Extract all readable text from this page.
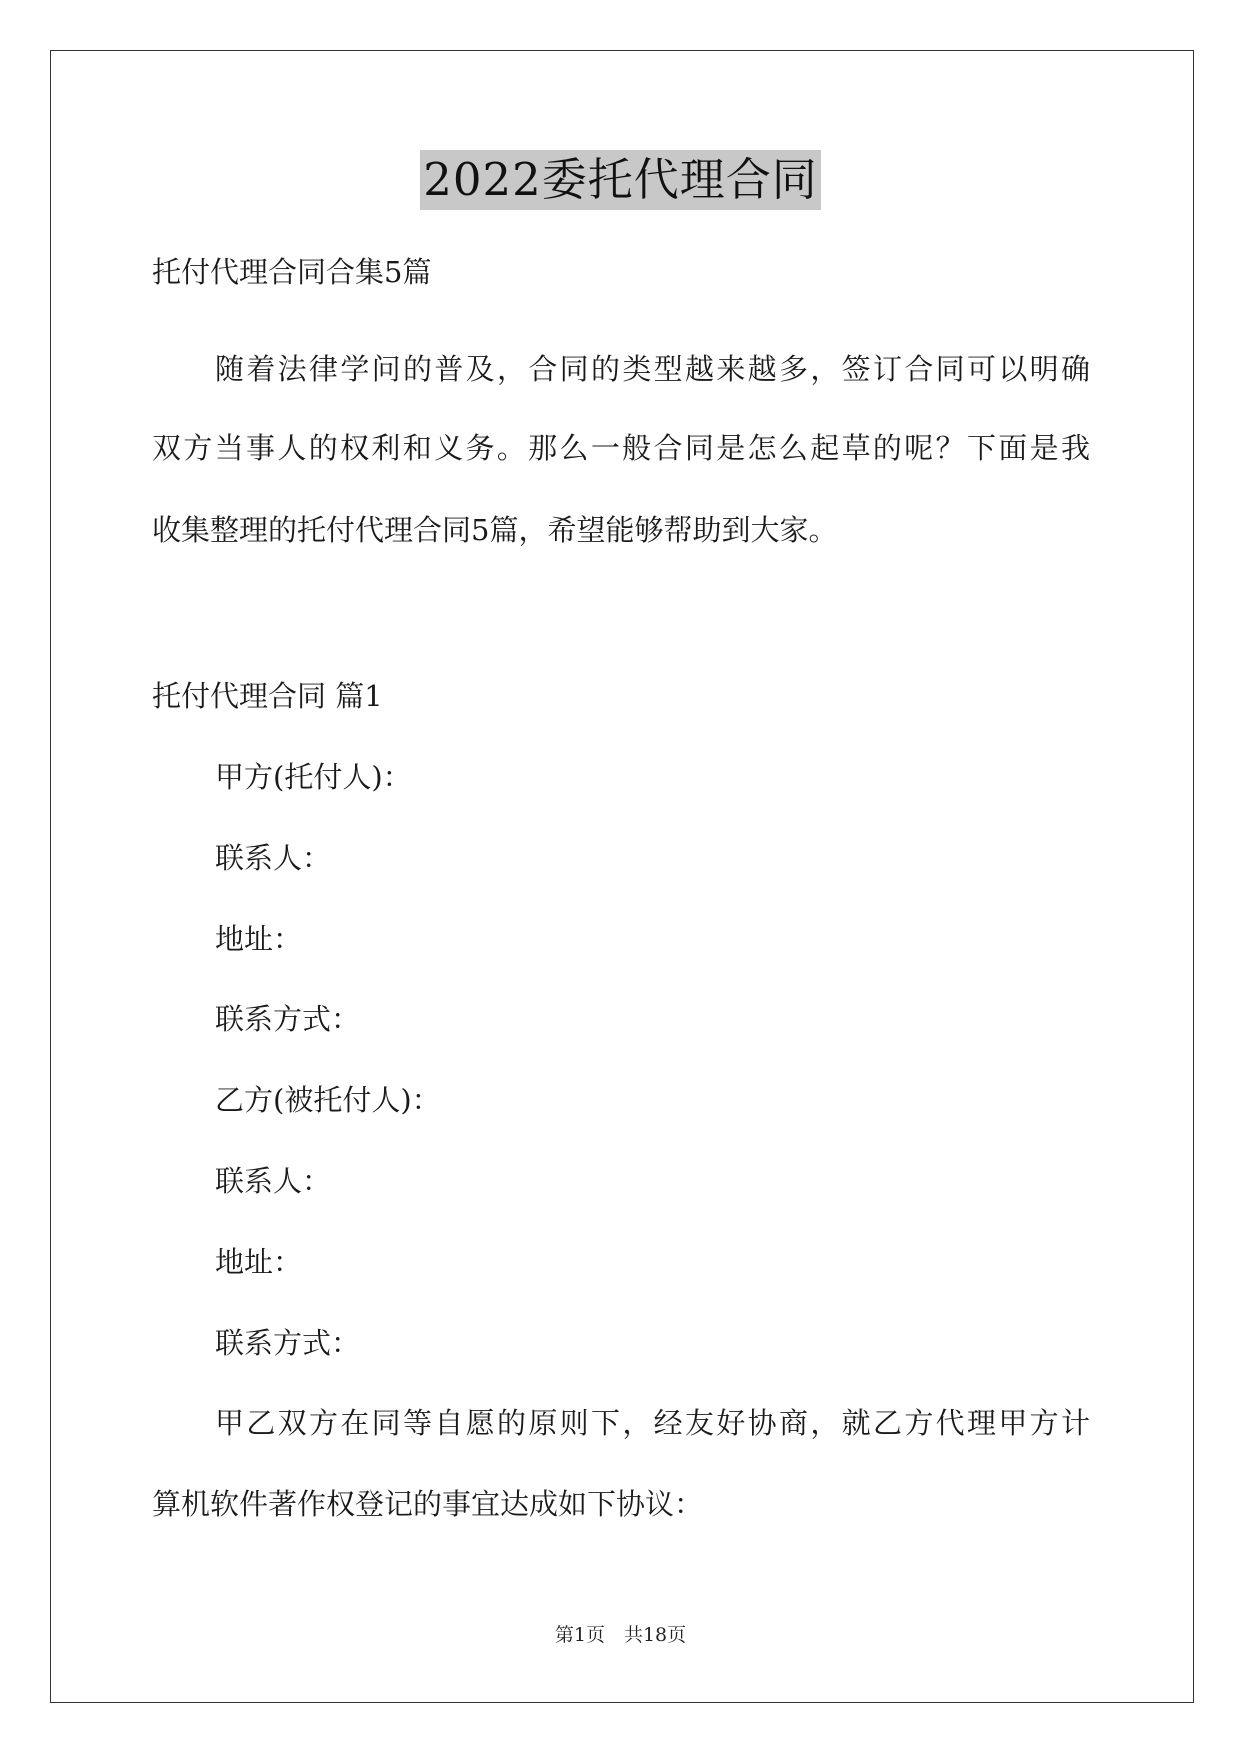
2022委托代理合同
托付代理合同合集5篇
随着法律学问的普及，合同的类型越来越多，签订合同可以明确
双方当事人的权利和义务。那么一般合同是怎么起草的呢？下面是我
收集整理的托付代理合同5篇，希望能够帮助到大家。
托付代理合同 篇1
甲方(托付人)：
联系人：
地址：
联系方式：
乙方(被托付人)：
联系人：
地址：
联系方式：
甲乙双方在同等自愿的原则下，经友好协商，就乙方代理甲方计
算机软件著作权登记的事宜达成如下协议：
第1页　共18页
